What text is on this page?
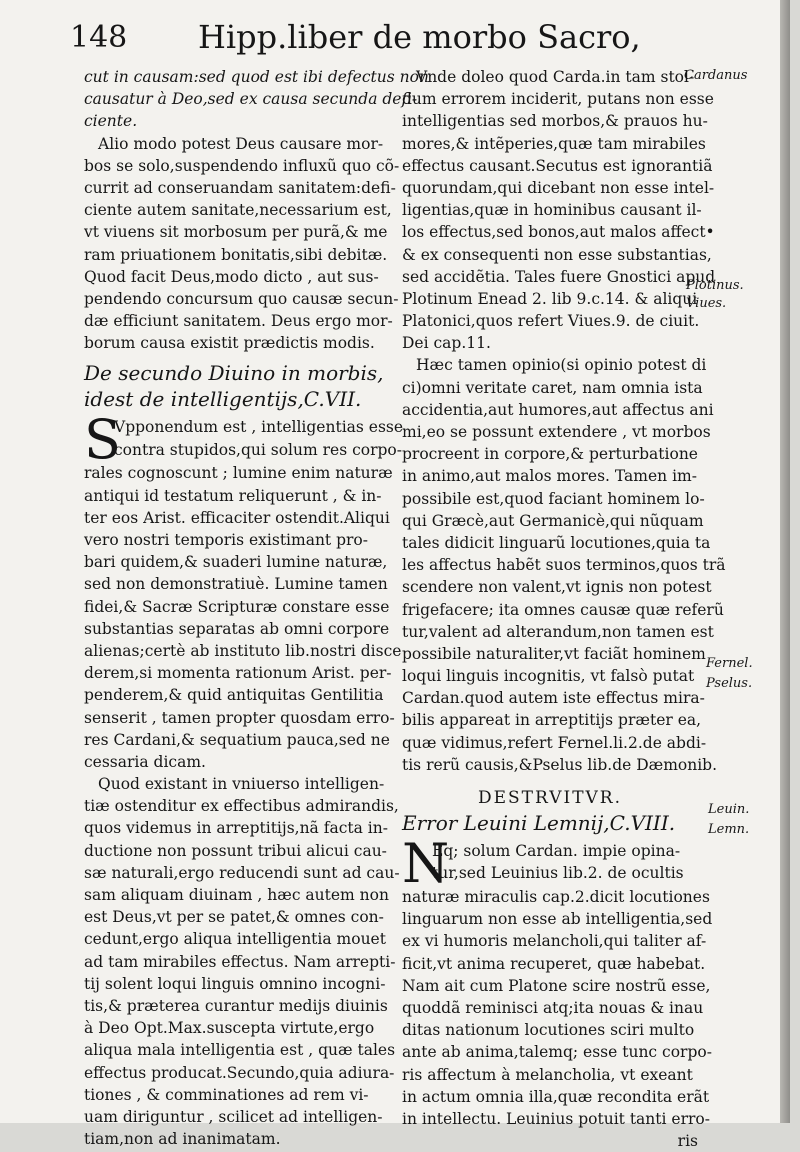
148 Hipp.liber de morbo Sacro,
cut in causam:sed quod est ibi defectus non
causatur à Deo,sed ex causa secunda defi-
ciente.
Alio modo potest Deus causare mor-
bos se solo,suspendendo influxũ quo cõ-
currit ad conseruandam sanitatem:defi-
ciente autem sanitate,necessarium est,
vt viuens sit morbosum per purã,& me
ram priuationem bonitatis,sibi debitæ.
Quod facit Deus,modo dicto , aut sus-
pendendo concursum quo causæ secun-
dæ efficiunt sanitatem. Deus ergo mor-
borum causa existit prædictis modis.
De secundo Diuino in morbis,
idest de intelligentijs,C.VII.
S
Vpponendum est , intelligentias esse
contra stupidos,qui solum res corpo-
rales cognoscunt ; lumine enim naturæ
antiqui id testatum reliquerunt , & in-
ter eos Arist. efficaciter ostendit.Aliqui
vero nostri temporis existimant pro-
bari quidem,& suaderi lumine naturæ,
sed non demonstratiuè. Lumine tamen
fidei,& Sacræ Scripturæ constare esse
substantias separatas ab omni corpore
alienas;certè ab instituto lib.nostri disce
derem,si momenta rationum Arist. per-
penderem,& quid antiquitas Gentilitia
senserit , tamen propter quosdam erro-
res Cardani,& sequatium pauca,sed ne
cessaria dicam.
Quod existant in vniuerso intelligen-
tiæ ostenditur ex effectibus admirandis,
quos videmus in arreptitijs,nã facta in-
ductione non possunt tribui alicui cau-
sæ naturali,ergo reducendi sunt ad cau-
sam aliquam diuinam , hæc autem non
est Deus,vt per se patet,& omnes con-
cedunt,ergo aliqua intelligentia mouet
ad tam mirabiles effectus. Nam arrepti-
tij solent loqui linguis omnino incogni-
tis,& præterea curantur medijs diuinis
à Deo Opt.Max.suscepta virtute,ergo
aliqua mala intelligentia est , quæ tales
effectus producat.Secundo,quia adiura-
tiones , & comminationes ad rem vi-
uam diriguntur , scilicet ad intelligen-
tiam,non ad inanimatam.
Vnde doleo quod Carda.in tam stol-
dum errorem inciderit, putans non esse
intelligentias sed morbos,& prauos hu-
mores,& intẽperies,quæ tam mirabiles
effectus causant.Secutus est ignorantiã
quorundam,qui dicebant non esse intel-
ligentias,quæ in hominibus causant il-
los effectus,sed bonos,aut malos affect•
& ex consequenti non esse substantias,
sed accidẽtia. Tales fuere Gnostici apud
Plotinum Enead 2. lib 9.c.14. & aliqui
Platonici,quos refert Viues.9. de ciuit.
Dei cap.11.
Hæc tamen opinio(si opinio potest di
ci)omni veritate caret, nam omnia ista
accidentia,aut humores,aut affectus ani
mi,eo se possunt extendere , vt morbos
procreent in corpore,& perturbatione
in animo,aut malos mores. Tamen im-
possibile est,quod faciant hominem lo-
qui Græcè,aut Germanicè,qui nũquam
tales didicit linguarũ locutiones,quia ta
les affectus habẽt suos terminos,quos trã
scendere non valent,vt ignis non potest
frigefacere; ita omnes causæ quæ referũ
tur,valent ad alterandum,non tamen est
possibile naturaliter,vt faciãt hominem
loqui linguis incognitis, vt falsò putat
Cardan.quod autem iste effectus mira-
bilis appareat in arreptitijs præter ea,
quæ vidimus,refert Fernel.li.2.de abdi-
tis rerũ causis,&Pselus lib.de Dæmonib.
DESTRVITVR.
Error Leuini Lemnij,C.VIII.
N
Eq; solum Cardan. impie opina-
tur,sed Leuinius lib.2. de ocultis
naturæ miraculis cap.2.dicit locutiones
linguarum non esse ab intelligentia,sed
ex vi humoris melancholi,qui taliter af-
ficit,vt anima recuperet, quæ habebat.
Nam ait cum Platone scire nostrũ esse,
quoddã reminisci atq;ita nouas & inau
ditas nationum locutiones sciri multo
ante ab anima,talemq; esse tunc corpo-
ris affectum à melancholia, vt exeant
in actum omnia illa,quæ recondita erãt
in intellectu. Leuinius potuit tanti erro-
ris
Cardanus
Plotinus.
Viues.
Fernel.
Pselus.
Leuin.
Lemn.
